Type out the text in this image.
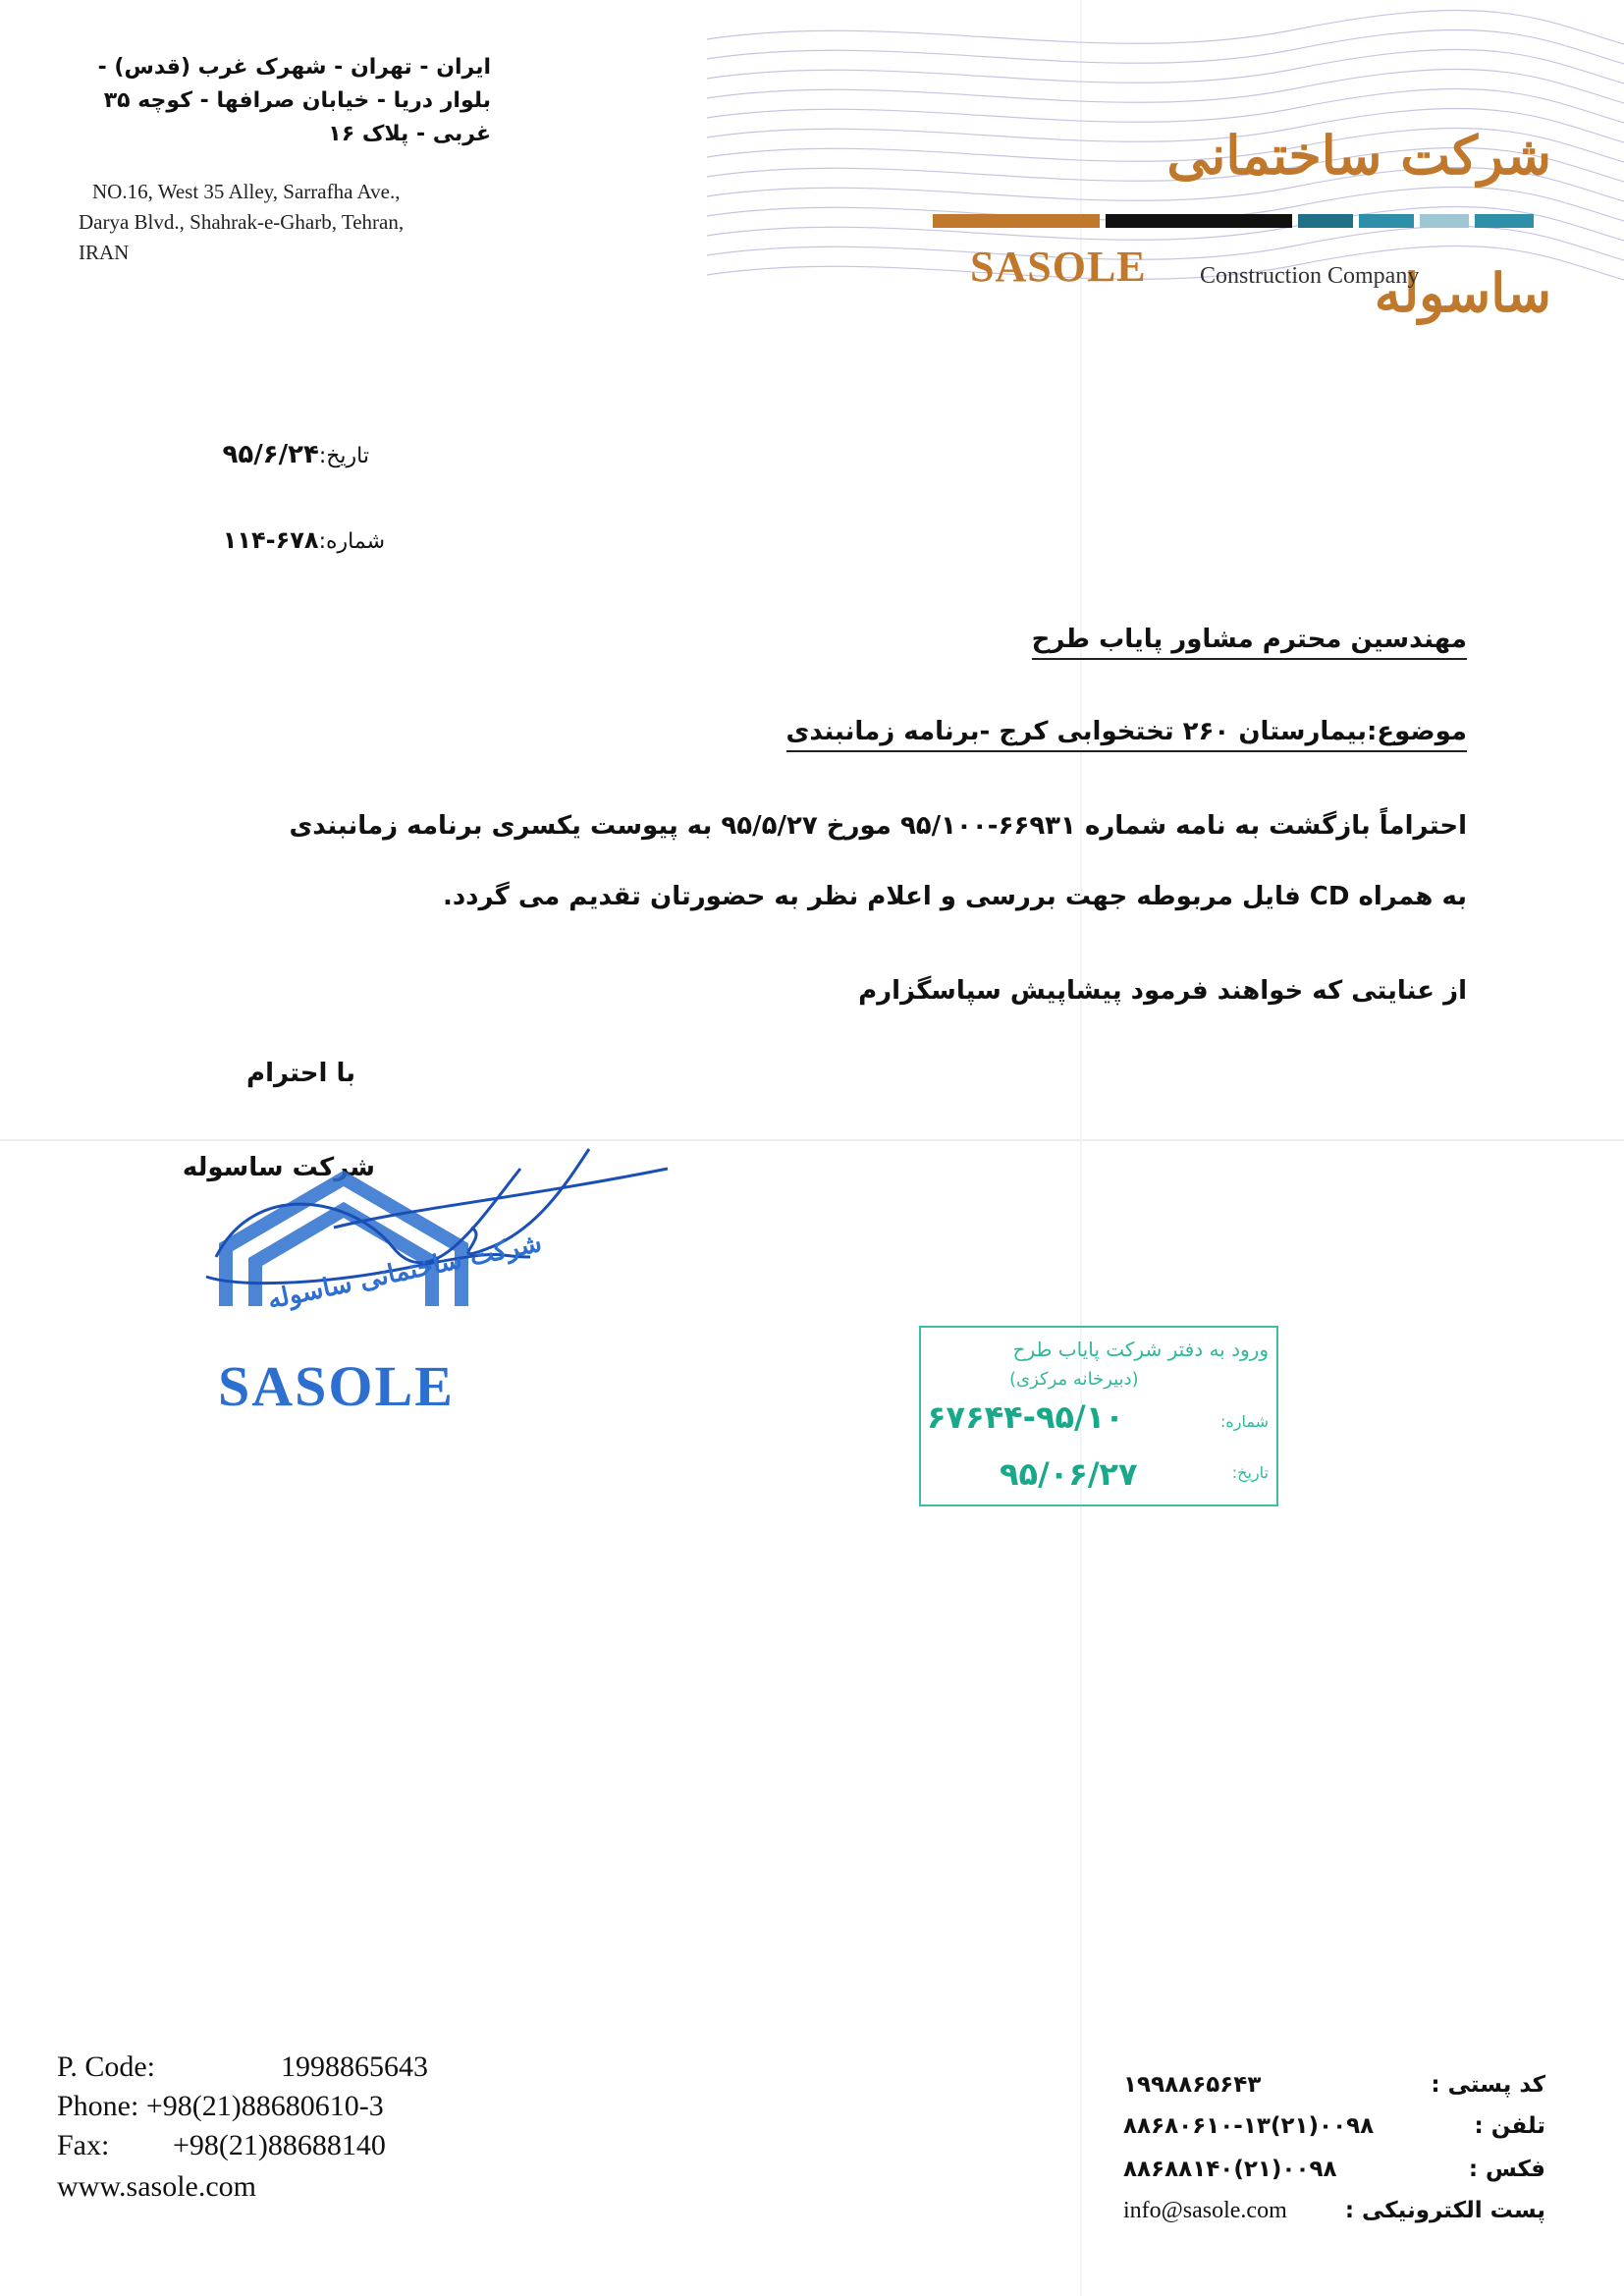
ایران - تهران - شهرک غرب (قدس) -
بلوار دریا - خیابان صرافها - کوچه ۳۵
غربی - پلاک ۱۶
NO.16, West 35 Alley, Sarrafha Ave.,
Darya Blvd., Shahrak-e-Gharb, Tehran,
IRAN
شرکت ساختمانی ساسوله
SASOLE Construction Company
تاریخ:۹۵/۶/۲۴
شماره:۶۷۸-۱۱۴
مهندسین محترم مشاور پایاب طرح
موضوع:بیمارستان ۲۶۰ تختخوابی کرج -برنامه زمانبندی
احتراماً بازگشت به نامه شماره ۶۶۹۳۱-۹۵/۱۰۰ مورخ ۹۵/۵/۲۷ به پیوست یکسری برنامه زمانبندی
به همراه CD فایل مربوطه جهت بررسی و اعلام نظر به حضورتان تقدیم می گردد.
از عنایتی که خواهند فرمود پیشاپیش سپاسگزارم
با احترام
شرکت ساسوله
شرکت ساختمانی ساسوله
SASOLE
ورود به دفتر شرکت پایاب طرح
(دبیرخانه مرکزی)
شماره:
۶۷۶۴۴-۹۵/۱۰
تاریخ:
۹۵/۰۶/۲۷
P. Code:	1998865643
Phone: +98(21)88680610-3
Fax: +98(21)88688140
www.sasole.com
کد پستی :
۱۹۹۸۸۶۵۶۴۳
تلفن :
۰۰۹۸(۲۱)۸۸۶۸۰۶۱۰-۱۳
فکس :
۰۰۹۸(۲۱)۸۸۶۸۸۱۴۰
پست الکترونیکی :
info@sasole.com
